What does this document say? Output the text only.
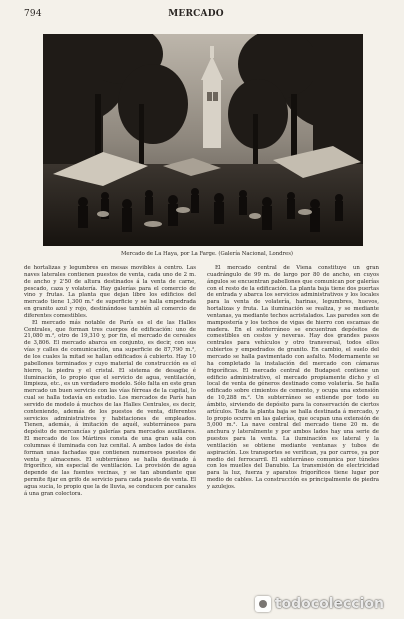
794	MERCADO
Mercado de La Haya, por La Farge. (Galería Nacional, Londres)

de hortalizas y legumbres en mesas movibles á centro. Las naves laterales contienen puestos de venta, cada uno de 2 m. de ancho y 2'50 de altura destinados á la venta de carne, pescado, caza y volatería. Hay galerías para el comercio de vino y frutas. La planta que dejan libre los edificios del mercado tiene 1,300 m.² de superficie y se halla empedrada en granito azul y rojo, destinándose también al comercio de diferentes comestibles.

El mercado más notable de París es el de las Halles Centrales, que forman tres cuerpos de edificación: uno de 21,080 m.², otro de 19,310 y, por fin, el mercado de cereales de 3,806. El mercado abarca en conjunto, es decir, con sus vías y calles de comunicación, una superficie de 87,790 m.², de los cuales la mitad se hallan edificados á cubierto. Hay 10 pabellones terminados y cuyo material de construcción es el hierro, la piedra y el cristal. El sistema de desagüe é iluminación, lo propio que el servicio de agua, ventilación, limpieza, etc., es un verdadero modelo. Sólo falta en este gran mercado un buen servicio con las vías férreas de la capital, lo cual se halla todavía en estudio. Los mercados de París han servido de modelo á muchos de las Halles Centrales, es decir, conteniendo, además de los puestos de venta, diferentes servicios administrativos y habitaciones de empleados. Tienen, además, á imitación de aquél, subterráneos para depósito de mercancías y galerías para mercados auxiliares. El mercado de los Mártires consta de una gran sala con columnas é iluminada con luz cenital. A ambos lados de ésta forman unas fachadas que contienen numerosos puestos de venta y almacenes. El subterráneo se halla destinado á frigorífico, sin especial de ventilación. La provisión de agua depende de las fuentes vecinas, y se tan abundante que permite fijar en grifo de servicio para cada puesto de venta. El agua sucia, lo propio que la de lluvia, se conducen por canales á una gran colectora.

El mercado central de Viena constituye un gran cuadrángulo de 99 m. de largo por 80 de ancho, en cuyos ángulos se encuentran pabellones que comunican por galerías con el resto de la edificación. La planta baja tiene dos puertas de entrada y abarca los servicios administrativos y los locales para la venta de volatería, harinas, legumbres, huevos, hortalizas y fruta. La iluminación se realiza, y se mediante ventanas, ya mediante techos acristalados. Las paredes son de mampostería y los techos de vigas de hierro con escamas de madera. En el subterráneo se encuentran depósitos de comestibles en cestos y neveras. Hay dos grandes pasos centrales para vehículos y otro transversal, todos ellos cubiertos y empedrados de granito. En cambio, el suelo del mercado se halla pavimentado con asfalto. Modernamente se ha completado la instalación del mercado con cámaras frigoríficas. El mercado central de Budapest contiene un edificio administrativo, el mercado propiamente dicho y el local de venta de géneros destinado como volatería. Se halla edificado sobre cimientos de cemento, y ocupa una extensión de 10,288 m.². Un subterráneo se extiende por todo su ámbito, sirviendo de depósito para la conservación de ciertos artículos. Toda la planta baja se halla destinada á mercado, y lo propio ocurre en las galerías, que ocupan una extensión de 5,000 m.². La nave central del mercado tiene 20 m. de anchura y lateralmente y por ambos lados hay una serie de puestos para la venta. La iluminación es lateral y la ventilación se obtiene mediante ventanas y tubos de aspiración. Los transportes se verifican, ya por carros, ya por medio del ferrocarril. El subterráneo comunica por túneles con los muelles del Danubio. La transmisión de electricidad para la luz, fuerza y aparatos frigoríficos tiene lugar por medio de cables. La construcción es principalmente de piedra y azulejos.

todocoleccion
